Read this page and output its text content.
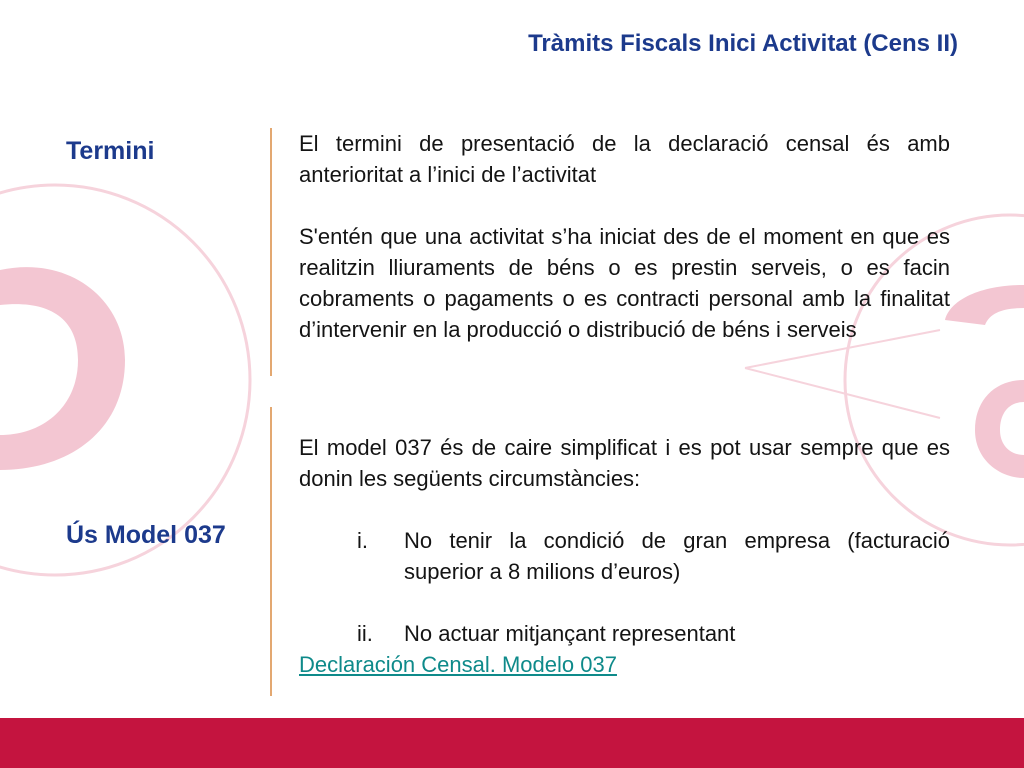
Tràmits Fiscals Inici Activitat (Cens II)
Termini	El termini de presentació de la declaració censal és amb anterioritat a l’inici de l’activitat

S'entén que una activitat s’ha iniciat des de el moment en que es realitzin lliuraments de béns o es prestin serveis, o es facin cobraments o pagaments o es contracti personal amb la finalitat d’intervenir en la producció o distribució de béns i serveis

Ús Model 037

El model 037 és de caire simplificat i es pot usar sempre que es donin les següents circumstàncies:

i. No tenir la condició de gran empresa (facturació superior a 8 milions d’euros)
ii. No actuar mitjançant representant
Declaración Censal. Modelo 037
